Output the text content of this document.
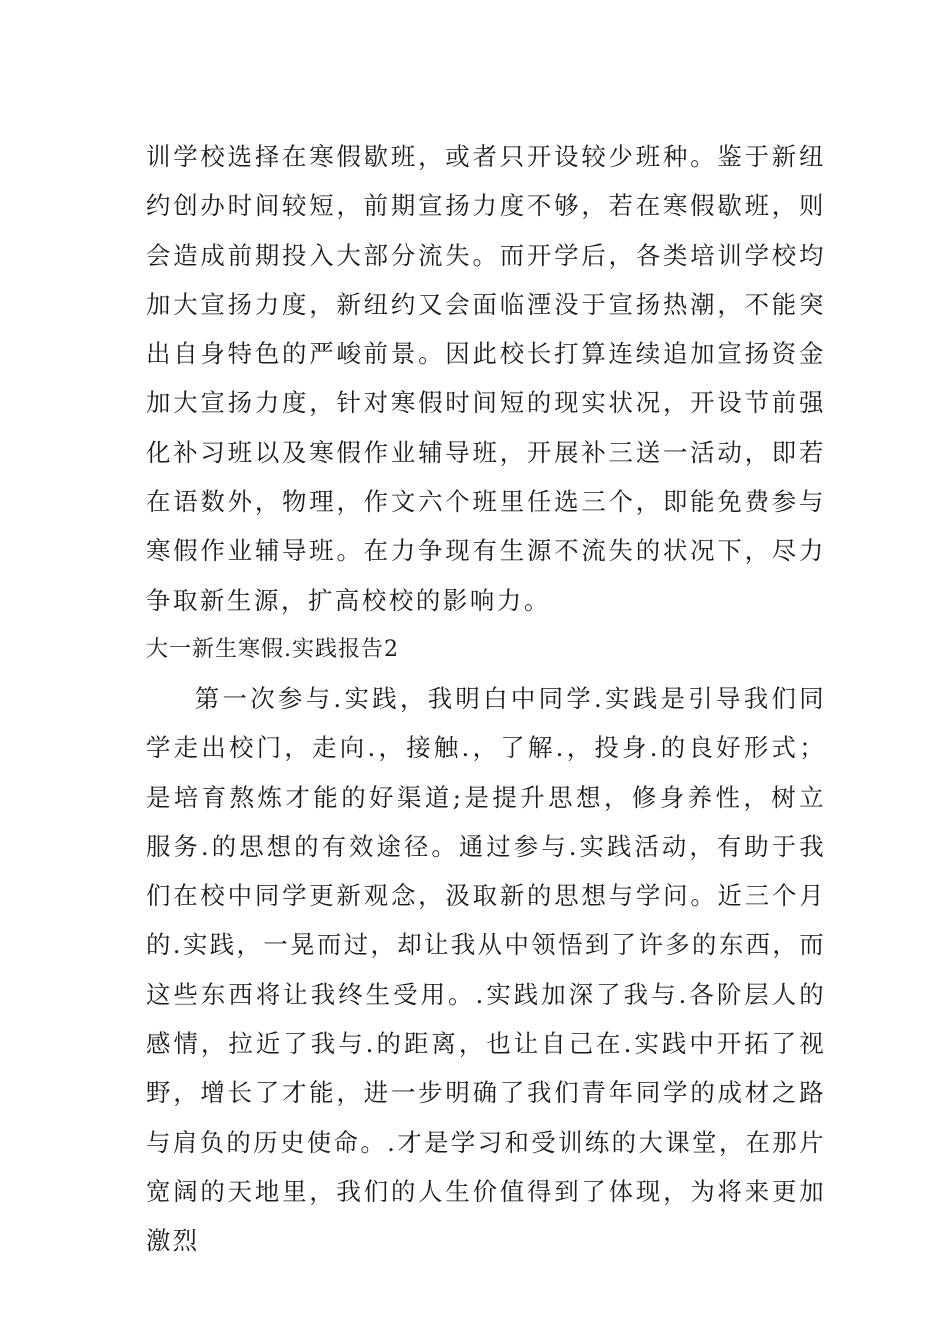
训学校选择在寒假歇班，或者只开设较少班种。鉴于新纽约创办时间较短，前期宣扬力度不够，若在寒假歇班，则会造成前期投入大部分流失。而开学后，各类培训学校均加大宣扬力度，新纽约又会面临湮没于宣扬热潮，不能突出自身特色的严峻前景。因此校长打算连续追加宣扬资金加大宣扬力度，针对寒假时间短的现实状况，开设节前强化补习班以及寒假作业辅导班，开展补三送一活动，即若在语数外，物理，作文六个班里任选三个，即能免费参与寒假作业辅导班。在力争现有生源不流失的状况下，尽力争取新生源，扩高校校的影响力。

大一新生寒假.实践报告2

第一次参与.实践，我明白中同学.实践是引导我们同学走出校门，走向.，接触.，了解.，投身.的良好形式；是培育熬炼才能的好渠道;是提升思想，修身养性，树立服务.的思想的有效途径。通过参与.实践活动，有助于我们在校中同学更新观念，汲取新的思想与学问。近三个月的.实践，一晃而过，却让我从中领悟到了许多的东西，而这些东西将让我终生受用。.实践加深了我与.各阶层人的感情，拉近了我与.的距离，也让自己在.实践中开拓了视野，增长了才能，进一步明确了我们青年同学的成材之路与肩负的历史使命。.才是学习和受训练的大课堂，在那片宽阔的天地里，我们的人生价值得到了体现，为将来更加激烈
